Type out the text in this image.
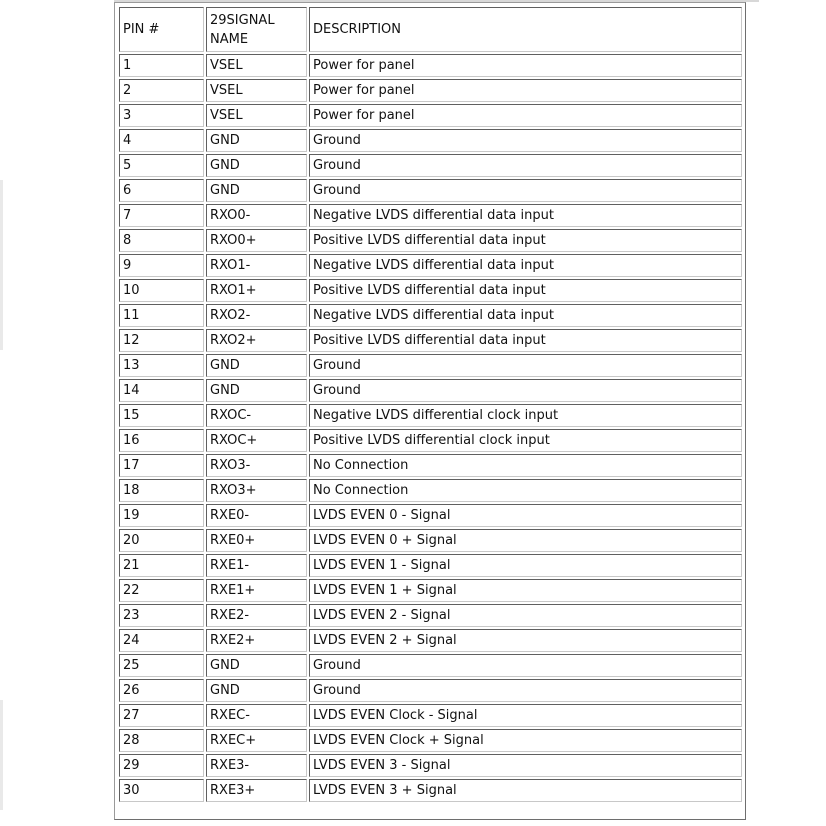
PIN #	29SIGNAL NAME	DESCRIPTION
1	VSEL	Power for panel
2	VSEL	Power for panel
3	VSEL	Power for panel
4	GND	Ground
5	GND	Ground
6	GND	Ground
7	RXO0-	Negative LVDS differential data input
8	RXO0+	Positive LVDS differential data input
9	RXO1-	Negative LVDS differential data input
10	RXO1+	Positive LVDS differential data input
11	RXO2-	Negative LVDS differential data input
12	RXO2+	Positive LVDS differential data input
13	GND	Ground
14	GND	Ground
15	RXOC-	Negative LVDS differential clock input
16	RXOC+	Positive LVDS differential clock input
17	RXO3-	No Connection
18	RXO3+	No Connection
19	RXE0-	LVDS EVEN 0 - Signal
20	RXE0+	LVDS EVEN 0 + Signal
21	RXE1-	LVDS EVEN 1 - Signal
22	RXE1+	LVDS EVEN 1 + Signal
23	RXE2-	LVDS EVEN 2 - Signal
24	RXE2+	LVDS EVEN 2 + Signal
25	GND	Ground
26	GND	Ground
27	RXEC-	LVDS EVEN Clock - Signal
28	RXEC+	LVDS EVEN Clock + Signal
29	RXE3-	LVDS EVEN 3 - Signal
30	RXE3+	LVDS EVEN 3 + Signal
